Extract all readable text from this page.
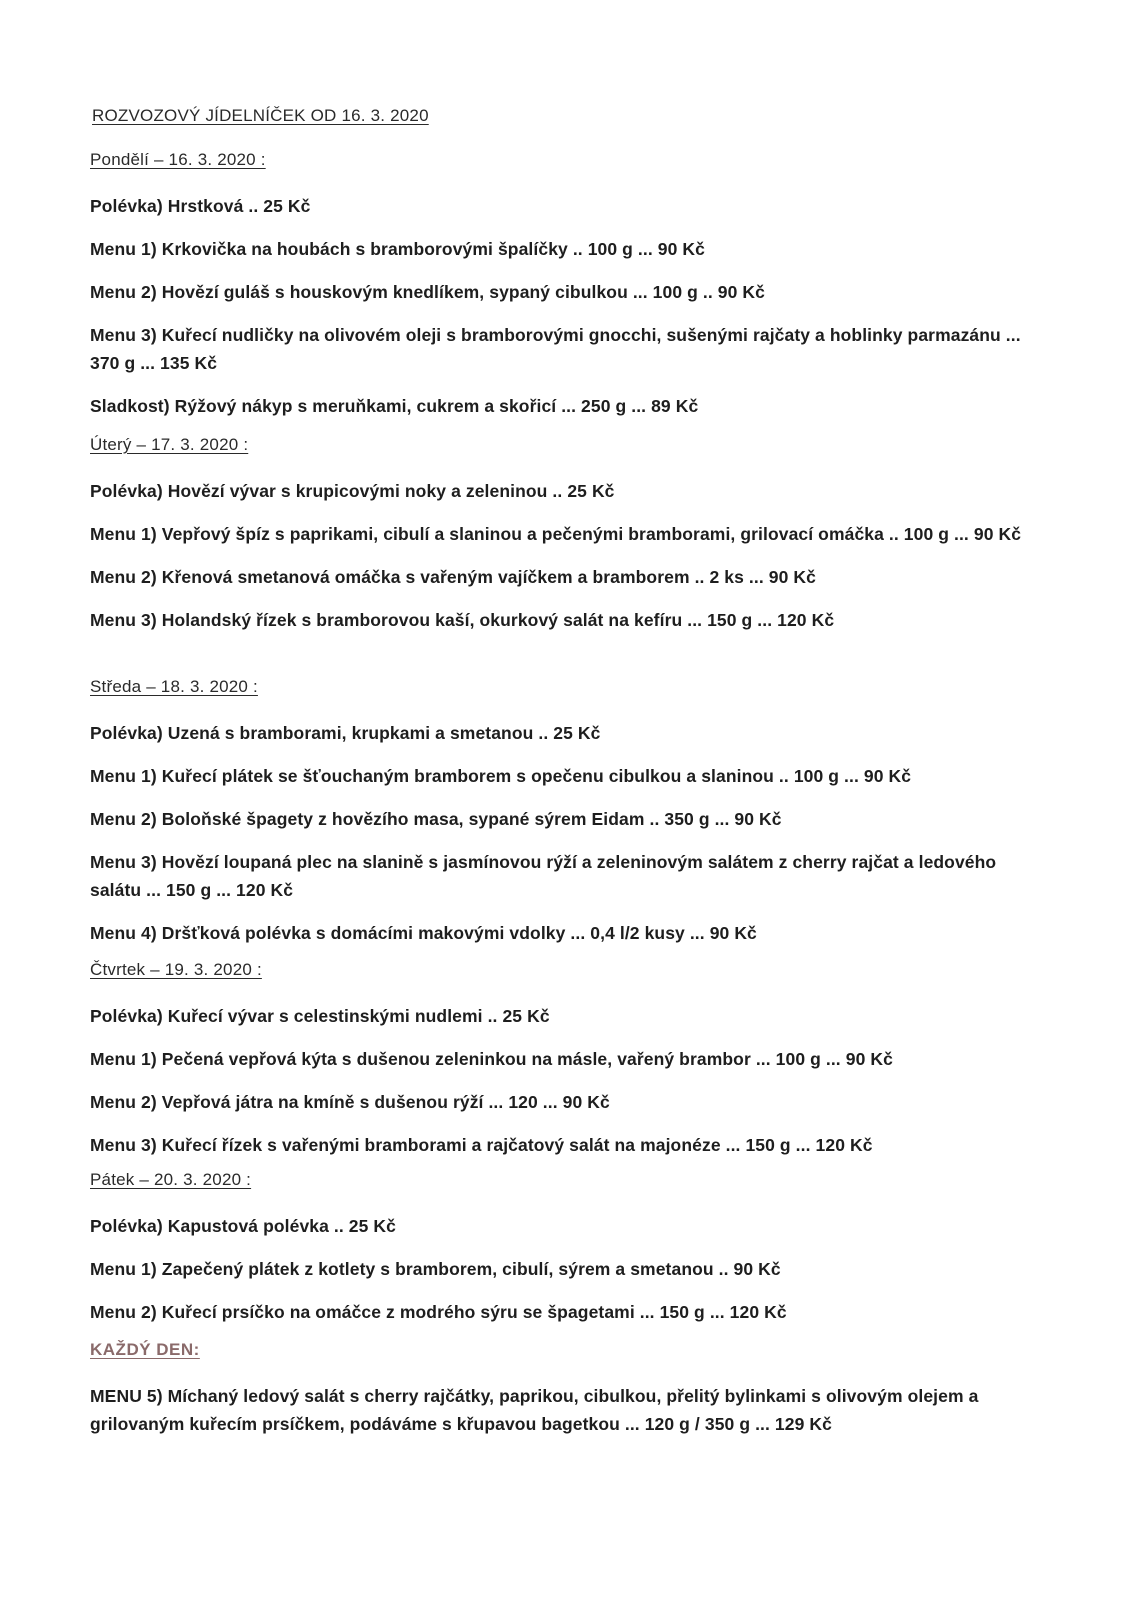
ROZVOZOVÝ JÍDELNÍČEK OD 16. 3. 2020
Pondělí – 16. 3. 2020 :

Polévka) Hrstková .. 25 Kč

Menu 1) Krkovička na houbách s bramborovými špalíčky .. 100 g ... 90 Kč

Menu 2) Hovězí guláš s houskovým knedlíkem, sypaný cibulkou ... 100 g .. 90 Kč

Menu 3) Kuřecí nudličky na olivovém oleji s bramborovými gnocchi, sušenými rajčaty a hoblinky parmazánu ... 370 g ... 135 Kč

Sladkost) Rýžový nákyp s meruňkami, cukrem a skořicí ... 250 g ... 89 Kč

Úterý – 17. 3. 2020 :

Polévka) Hovězí vývar s krupicovými noky a zeleninou .. 25 Kč

Menu 1) Vepřový špíz s paprikami, cibulí a slaninou a pečenými bramborami, grilovací omáčka .. 100 g ... 90 Kč

Menu 2) Křenová smetanová omáčka s vařeným vajíčkem a bramborem .. 2 ks ... 90 Kč

Menu 3) Holandský řízek s bramborovou kaší, okurkový salát na kefíru ... 150 g ... 120 Kč

Středa – 18. 3. 2020 :

Polévka) Uzená s bramborami, krupkami a smetanou .. 25 Kč

Menu 1) Kuřecí plátek se šťouchaným bramborem s opečenu cibulkou a slaninou .. 100 g ... 90 Kč

Menu 2) Boloňské špagety z hovězího masa, sypané sýrem Eidam .. 350 g ... 90 Kč

Menu 3) Hovězí loupaná plec na slanině s jasmínovou rýží a zeleninovým salátem z cherry rajčat a ledového salátu ... 150 g ... 120 Kč

Menu 4) Dršťková polévka s domácími makovými vdolky ... 0,4 l/2 kusy ... 90 Kč

Čtvrtek – 19. 3. 2020 :

Polévka) Kuřecí vývar s celestinskými nudlemi .. 25 Kč

Menu 1) Pečená vepřová kýta s dušenou zeleninkou na másle, vařený brambor ... 100 g ... 90 Kč

Menu 2) Vepřová játra na kmíně s dušenou rýží ... 120 ... 90 Kč

Menu 3) Kuřecí řízek s vařenými bramborami a rajčatový salát na majonéze ... 150 g ... 120 Kč

Pátek – 20. 3. 2020 :

Polévka) Kapustová polévka .. 25 Kč

Menu 1) Zapečený plátek z kotlety s bramborem, cibulí, sýrem a smetanou .. 90 Kč

Menu 2) Kuřecí prsíčko na omáčce z modrého sýru se špagetami ... 150 g ... 120 Kč

KAŽDÝ DEN:

MENU 5) Míchaný ledový salát s cherry rajčátky, paprikou, cibulkou, přelitý bylinkami s olivovým olejem a grilovaným kuřecím prsíčkem, podáváme s křupavou bagetkou ... 120 g / 350 g ... 129 Kč
